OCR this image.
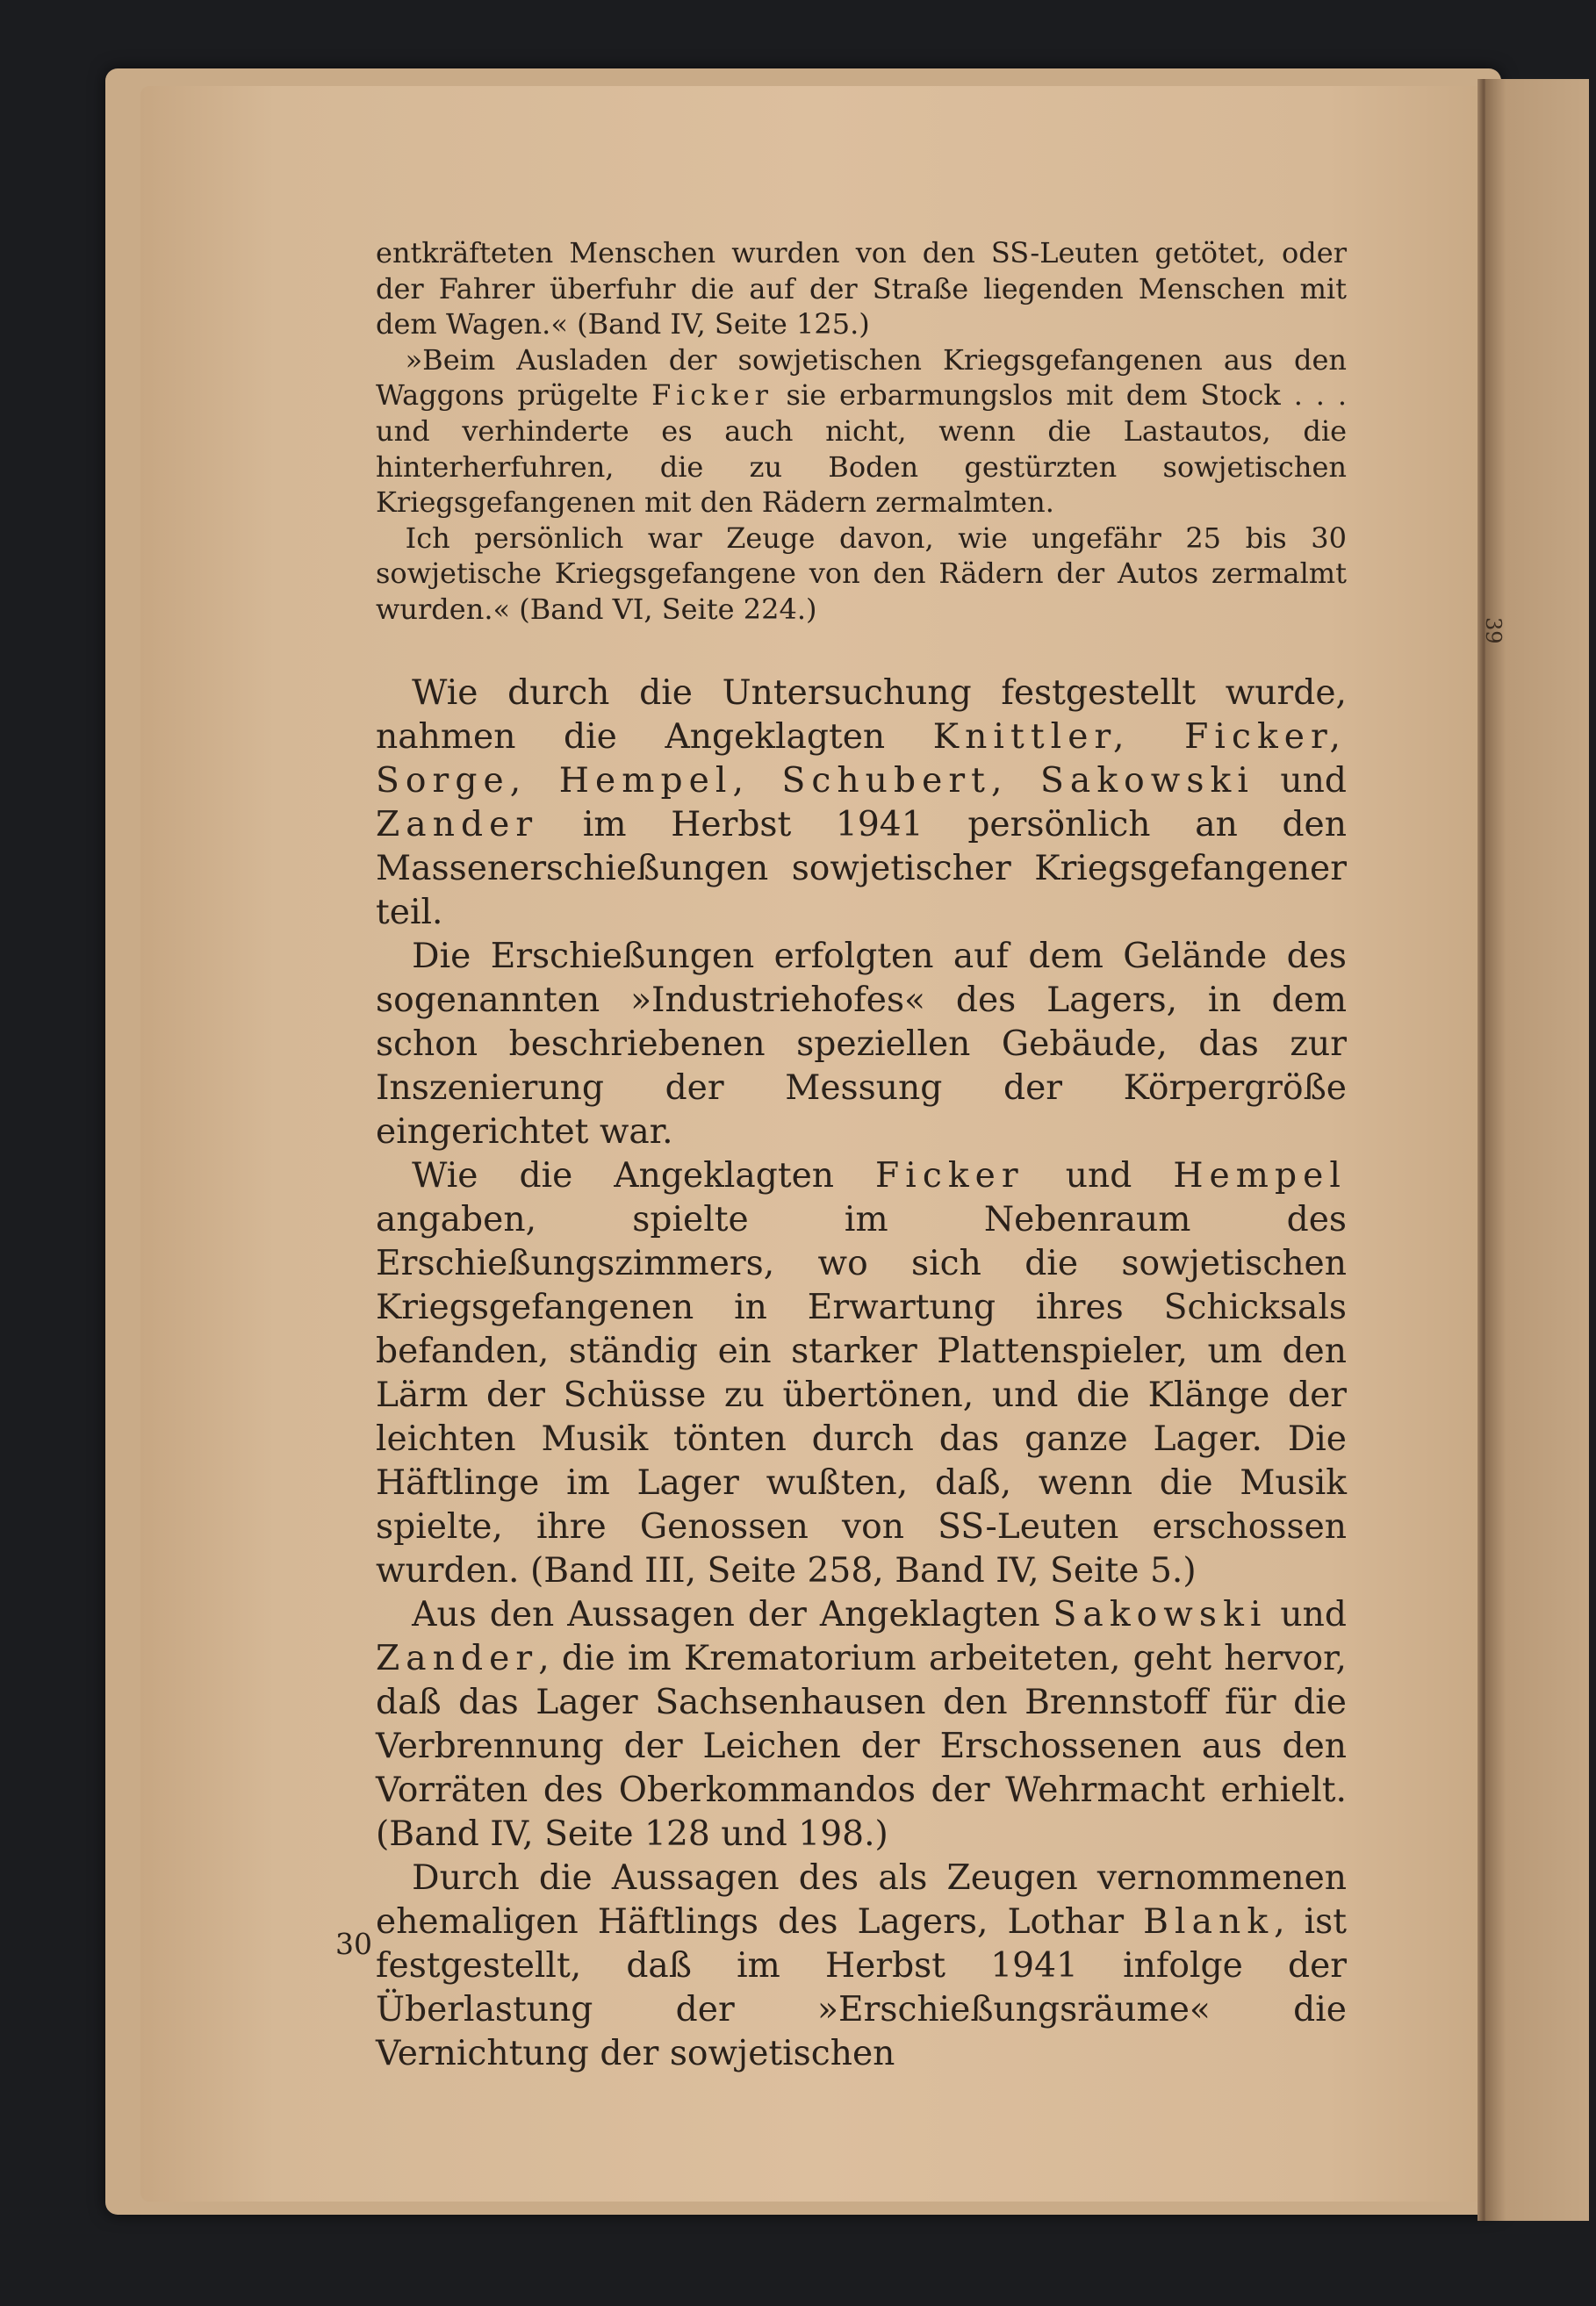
39

entkräfteten Menschen wurden von den SS-Leuten getötet, oder der Fahrer überfuhr die auf der Straße liegenden Menschen mit dem Wagen.« (Band IV, Seite 125.)

»Beim Ausladen der sowjetischen Kriegsgefangenen aus den Waggons prügelte Ficker sie erbarmungslos mit dem Stock . . . und verhinderte es auch nicht, wenn die Lastautos, die hinterherfuhren, die zu Boden gestürzten sowjetischen Kriegsgefangenen mit den Rädern zermalmten.

Ich persönlich war Zeuge davon, wie ungefähr 25 bis 30 sowjetische Kriegsgefangene von den Rädern der Autos zermalmt wurden.« (Band VI, Seite 224.)

Wie durch die Untersuchung festgestellt wurde, nahmen die Angeklagten Knittler, Ficker, Sorge, Hempel, Schubert, Sakowski und Zander im Herbst 1941 persönlich an den Massenerschießungen sowjetischer Kriegsgefangener teil.

Die Erschießungen erfolgten auf dem Gelände des sogenannten »Industriehofes« des Lagers, in dem schon beschriebenen speziellen Gebäude, das zur Inszenierung der Messung der Körpergröße eingerichtet war.

Wie die Angeklagten Ficker und Hempel angaben, spielte im Nebenraum des Erschießungszimmers, wo sich die sowjetischen Kriegsgefangenen in Erwartung ihres Schicksals befanden, ständig ein starker Plattenspieler, um den Lärm der Schüsse zu übertönen, und die Klänge der leichten Musik tönten durch das ganze Lager. Die Häftlinge im Lager wußten, daß, wenn die Musik spielte, ihre Genossen von SS-Leuten erschossen wurden. (Band III, Seite 258, Band IV, Seite 5.)

Aus den Aussagen der Angeklagten Sakowski und Zander, die im Krematorium arbeiteten, geht hervor, daß das Lager Sachsenhausen den Brennstoff für die Verbrennung der Leichen der Erschossenen aus den Vorräten des Oberkommandos der Wehrmacht erhielt. (Band IV, Seite 128 und 198.)

Durch die Aussagen des als Zeugen vernommenen ehemaligen Häftlings des Lagers, Lothar Blank, ist festgestellt, daß im Herbst 1941 infolge der Überlastung der »Erschießungsräume« die Vernichtung der sowjetischen

30
